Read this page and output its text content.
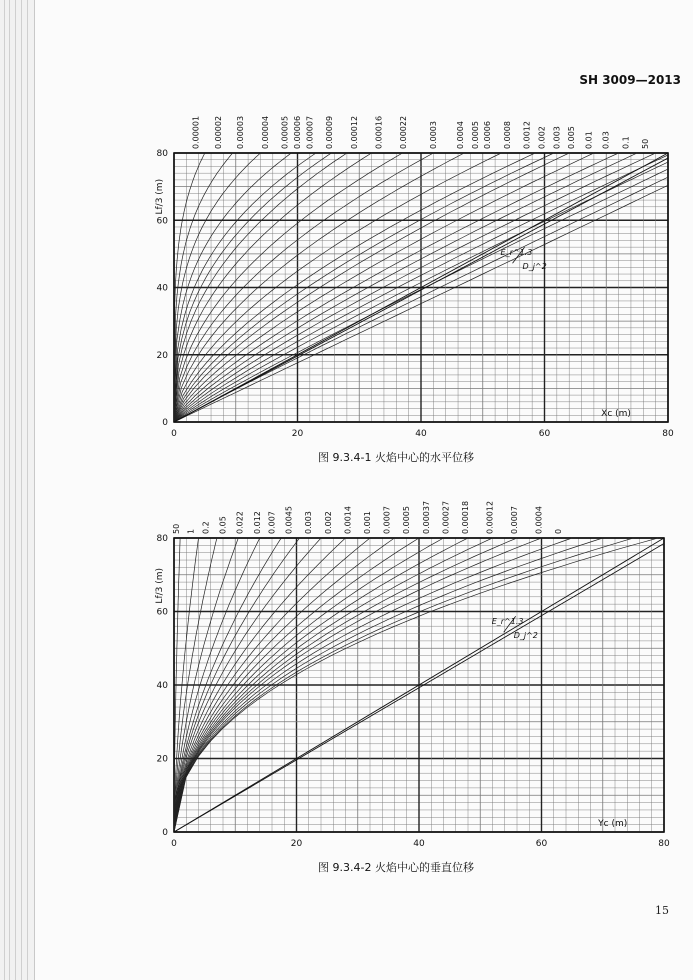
SH 3009—2013
0	20	40	60	80
0
20
40
60
80
Xc (m)
Lf/3 (m)
0.00001 0.00002 0.00003 0.00004 0.00005 0.00006 0.00007 0.00009 0.00012 0.00016 0.00022	0.0003 0.0004 0.0005 0.0006 0.0008 0.0012 0.002 0.003 0.005 0.01 0.03 0.1 50
E_r^1.3
D_j^2
图 9.3.4-1 火焰中心的水平位移
0	20	40	60	80
0
20
40
60
80
Yc (m)
Lf/3 (m)
50 1 0.2 0.05 0.022 0.012 0.007 0.0045 0.003 0.002 0.0014 0.001 0.0007 0.0005 0.00037 0.00027 0.00018 0.00012 0.0007 0.0004 0
E_r^1.3
D_j^2
图 9.3.4-2 火焰中心的垂直位移
15
